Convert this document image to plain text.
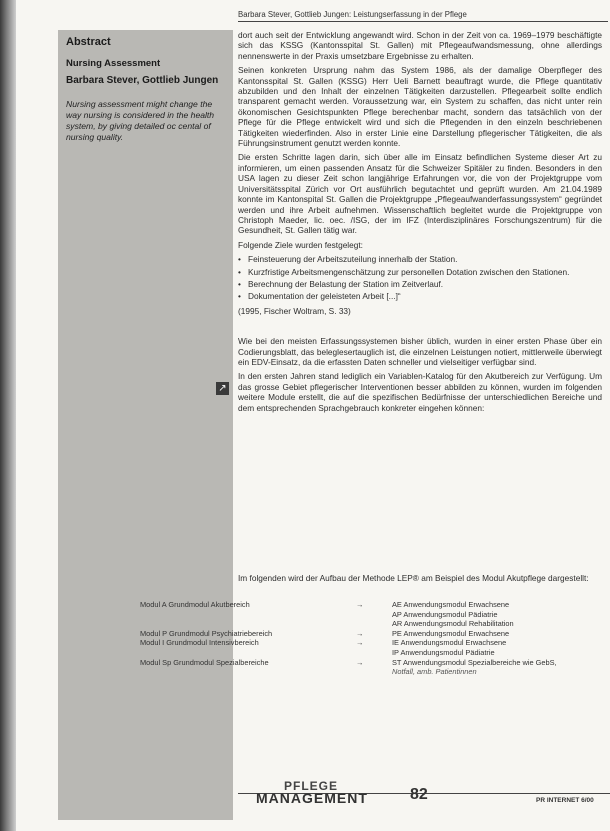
Barbara Stever, Gottlieb Jungen: Leistungserfassung in der Pflege

Abstract

Nursing Assessment

Barbara Stever, Gottlieb Jungen

Nursing assessment might change the way nursing is considered in the health system, by giving detailed oc cental of nursing quality.

↗

dort auch seit der Entwicklung angewandt wird. Schon in der Zeit von ca. 1969–1979 beschäftigte sich das KSSG (Kantonsspital St. Gallen) mit Pflegeaufwandsmessung, ohne allerdings nennenswerte in der Praxis umsetzbare Ergebnisse zu erhalten.

Seinen konkreten Ursprung nahm das System 1986, als der damalige Oberpfleger des Kantonsspital St. Gallen (KSSG) Herr Ueli Barnett beauftragt wurde, die Pflege quantitativ abzubilden und den Inhalt der einzelnen Tätigkeiten darzustellen. Pflegearbeit sollte endlich transparent gemacht werden. Voraussetzung war, ein System zu schaffen, das nicht unter rein ökonomischen Gesichtspunkten Pflege berechenbar macht, sondern das tatsächlich von der Pflege für die Pflege entwickelt wird und sich die Pflegenden in den einzeln beschriebenen Tätigkeiten wiederfinden. Also in erster Linie eine Darstellung pflegerischer Tätigkeiten, die als Führungsinstrument genutzt werden konnte.

Die ersten Schritte lagen darin, sich über alle im Einsatz befindlichen Systeme dieser Art zu informieren, um einen passenden Ansatz für die Schweizer Spitäler zu finden. Besonders in den USA lagen zu dieser Zeit schon langjährige Erfahrungen vor, die von der Projektgruppe vom Universitätsspital Zürich vor Ort ausführlich begutachtet und geprüft wurden. Am 21.04.1989 konnte im Kantonspital St. Gallen die Projektgruppe „Pflegeaufwanderfassungssystem“ gegründet werden und ihre Arbeit aufnehmen. Wissenschaftlich begleitet wurde die Projektgruppe von Christoph Maeder, lic. oec. /ISG, der im IFZ (Interdisziplinäres Forschungszentrum) für die Gesundheit, St. Gallen tätig war.

Folgende Ziele wurden festgelegt:

• Feinsteuerung der Arbeitszuteilung innerhalb der Station.
• Kurzfristige Arbeitsmengenschätzung zur personellen Dotation zwischen den Stationen.
• Berechnung der Belastung der Station im Zeitverlauf.
• Dokumentation der geleisteten Arbeit [...]“

(1995, Fischer Woltram, S. 33)

Wie bei den meisten Erfassungssystemen bisher üblich, wurden in einer ersten Phase über ein Codierungsblatt, das beleglesertauglich ist, die einzelnen Leistungen notiert, mittlerweile überwiegt ein EDV-Einsatz, da die erfassten Daten schneller und vielseitiger verfügbar sind.

In den ersten Jahren stand lediglich ein Variablen-Katalog für den Akutbereich zur Verfügung. Um das grosse Gebiet pflegerischer Interventionen besser abbilden zu können, wurden im folgenden weitere Module erstellt, die auf die spezifischen Bedürfnisse der unterschiedlichen Bereiche und dem entsprechenden Sprachgebrauch konkreter eingehen können:

Im folgenden wird der Aufbau der Methode LEP® am Beispiel des Modul Akutpflege dargestellt:

Modul A Grundmodul Akutbereich	→	AE Anwendungsmodul Erwachsene
AP Anwendungsmodul Pädiatrie
AR Anwendungsmodul Rehabilitation
Modul P Grundmodul Psychiatriebereich	→	PE Anwendungsmodul Erwachsene
Modul I Grundmodul Intensivbereich	→	IE Anwendungsmodul Erwachsene
IP Anwendungsmodul Pädiatrie
Modul Sp Grundmodul Spezialbereiche	→	ST Anwendungsmodul Spezialbereiche wie GebS,
Notfall, amb. Patientinnen
PFLEGE
MANAGEMENT	82	PR INTERNET 6/00
